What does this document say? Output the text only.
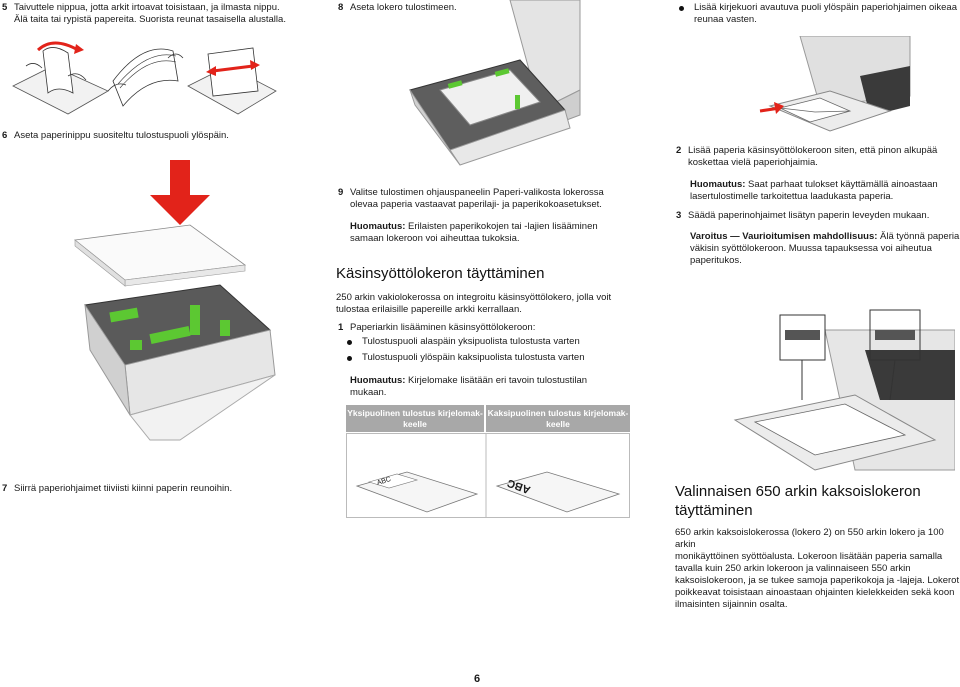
5 Taivuttele nippua, jotta arkit irtoavat toisistaan, ja ilmasta nippu.
Älä taita tai rypistä papereita. Suorista reunat tasaisella alustalla.
6 Aseta paperinippu suositeltu tulostuspuoli ylöspäin.
7 Siirrä paperiohjaimet tiiviisti kiinni paperin reunoihin.
8 Aseta lokero tulostimeen.
9 Valitse tulostimen ohjauspaneelin Paperi-valikosta lokerossa
olevaa paperia vastaavat paperilaji- ja paperikokoasetukset.
Huomautus: Erilaisten paperikokojen tai -lajien lisääminen
samaan lokeroon voi aiheuttaa tukoksia.
Käsinsyöttölokeron täyttäminen
250 arkin vakiolokerossa on integroitu käsinsyöttölokero, jolla voit
tulostaa erilaisille papereille arkki kerrallaan.
1 Paperiarkin lisääminen käsinsyöttölokeroon:
Tulostuspuoli alaspäin yksipuolista tulostusta varten
Tulostuspuoli ylöspäin kaksipuolista tulostusta varten
Huomautus: Kirjelomake lisätään eri tavoin tulostustilan
mukaan.
Yksipuolinen tulostus kirjelomak-
keelle
Kaksipuolinen tulostus kirjelomak-
keelle
ABC	ABC
Lisää kirjekuori avautuva puoli ylöspäin paperiohjaimen oikeaa
reunaa vasten.
2 Lisää paperia käsinsyöttölokeroon siten, että pinon alkupää
koskettaa vielä paperiohjaimia.
Huomautus: Saat parhaat tulokset käyttämällä ainoastaan
lasertulostimelle tarkoitettua laadukasta paperia.
3 Säädä paperinohjaimet lisätyn paperin leveyden mukaan.
Varoitus — Vaurioitumisen mahdollisuus: Älä työnnä paperia
väkisin syöttölokeroon. Muussa tapauksessa voi aiheutua
paperitukos.
Valinnaisen 650 arkin kaksoislokeron
täyttäminen
650 arkin kaksoislokerossa (lokero 2) on 550 arkin lokero ja 100 arkin
monikäyttöinen syöttöalusta. Lokeroon lisätään paperia samalla
tavalla kuin 250 arkin lokeroon ja valinnaiseen 550 arkin
kaksoislokeroon, ja se tukee samoja paperikokoja ja -lajeja. Lokerot
poikkeavat toisistaan ainoastaan ohjainten kielekkeiden sekä koon
ilmaisinten sijainnin osalta.
6
